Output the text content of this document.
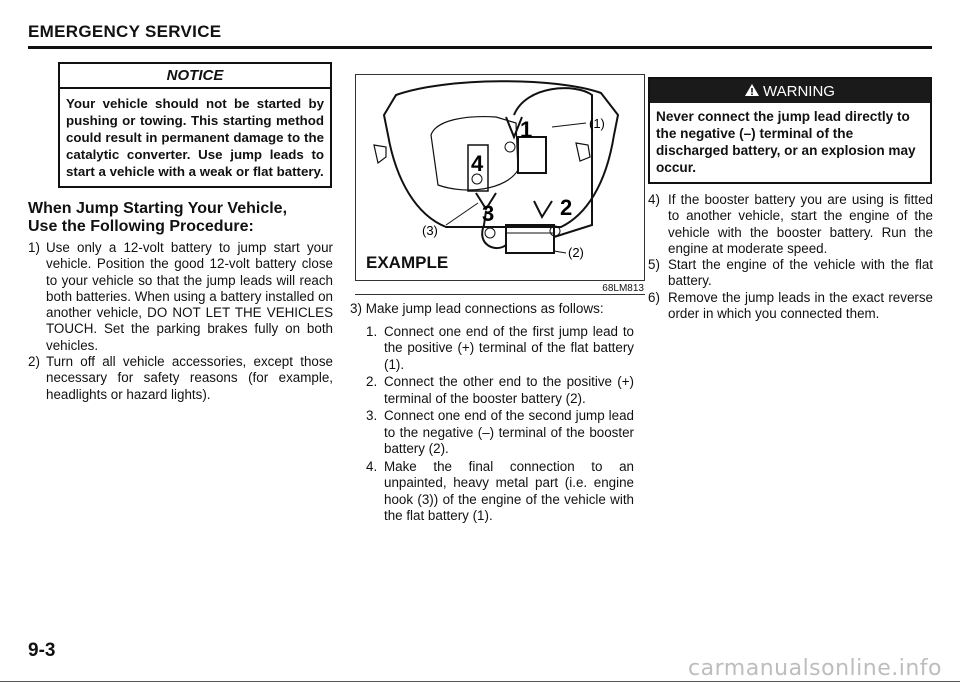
EMERGENCY SERVICE
NOTICE
Your vehicle should not be started by pushing or towing. This starting method could result in permanent damage to the catalytic converter. Use jump leads to start a vehicle with a weak or flat battery.
When Jump Starting Your Vehicle,
Use the Following Procedure:
1) Use only a 12-volt battery to jump start your vehicle. Position the good 12-volt battery close to your vehicle so that the jump leads will reach both batteries. When using a battery installed on another vehicle, DO NOT LET THE VEHICLES TOUCH. Set the parking brakes fully on both vehicles.
2) Turn off all vehicle accessories, except those necessary for safety reasons (for example, headlights or hazard lights).
(1)
(2)
(3)
1
2
3
4
EXAMPLE
68LM813
3) Make jump lead connections as follows:
1. Connect one end of the first jump lead to the positive (+) terminal of the flat battery (1).
2. Connect the other end to the positive (+) terminal of the booster battery (2).
3. Connect one end of the second jump lead to the negative (–) terminal of the booster battery (2).
4. Make the final connection to an unpainted, heavy metal part (i.e. engine hook (3)) of the engine of the vehicle with the flat battery (1).
WARNING
Never connect the jump lead directly to the negative (–) terminal of the discharged battery, or an explosion may occur.
4) If the booster battery you are using is fitted to another vehicle, start the engine of the vehicle with the booster battery. Run the engine at moderate speed.
5) Start the engine of the vehicle with the flat battery.
6) Remove the jump leads in the exact reverse order in which you connected them.
9-3
carmanualsonline.info
